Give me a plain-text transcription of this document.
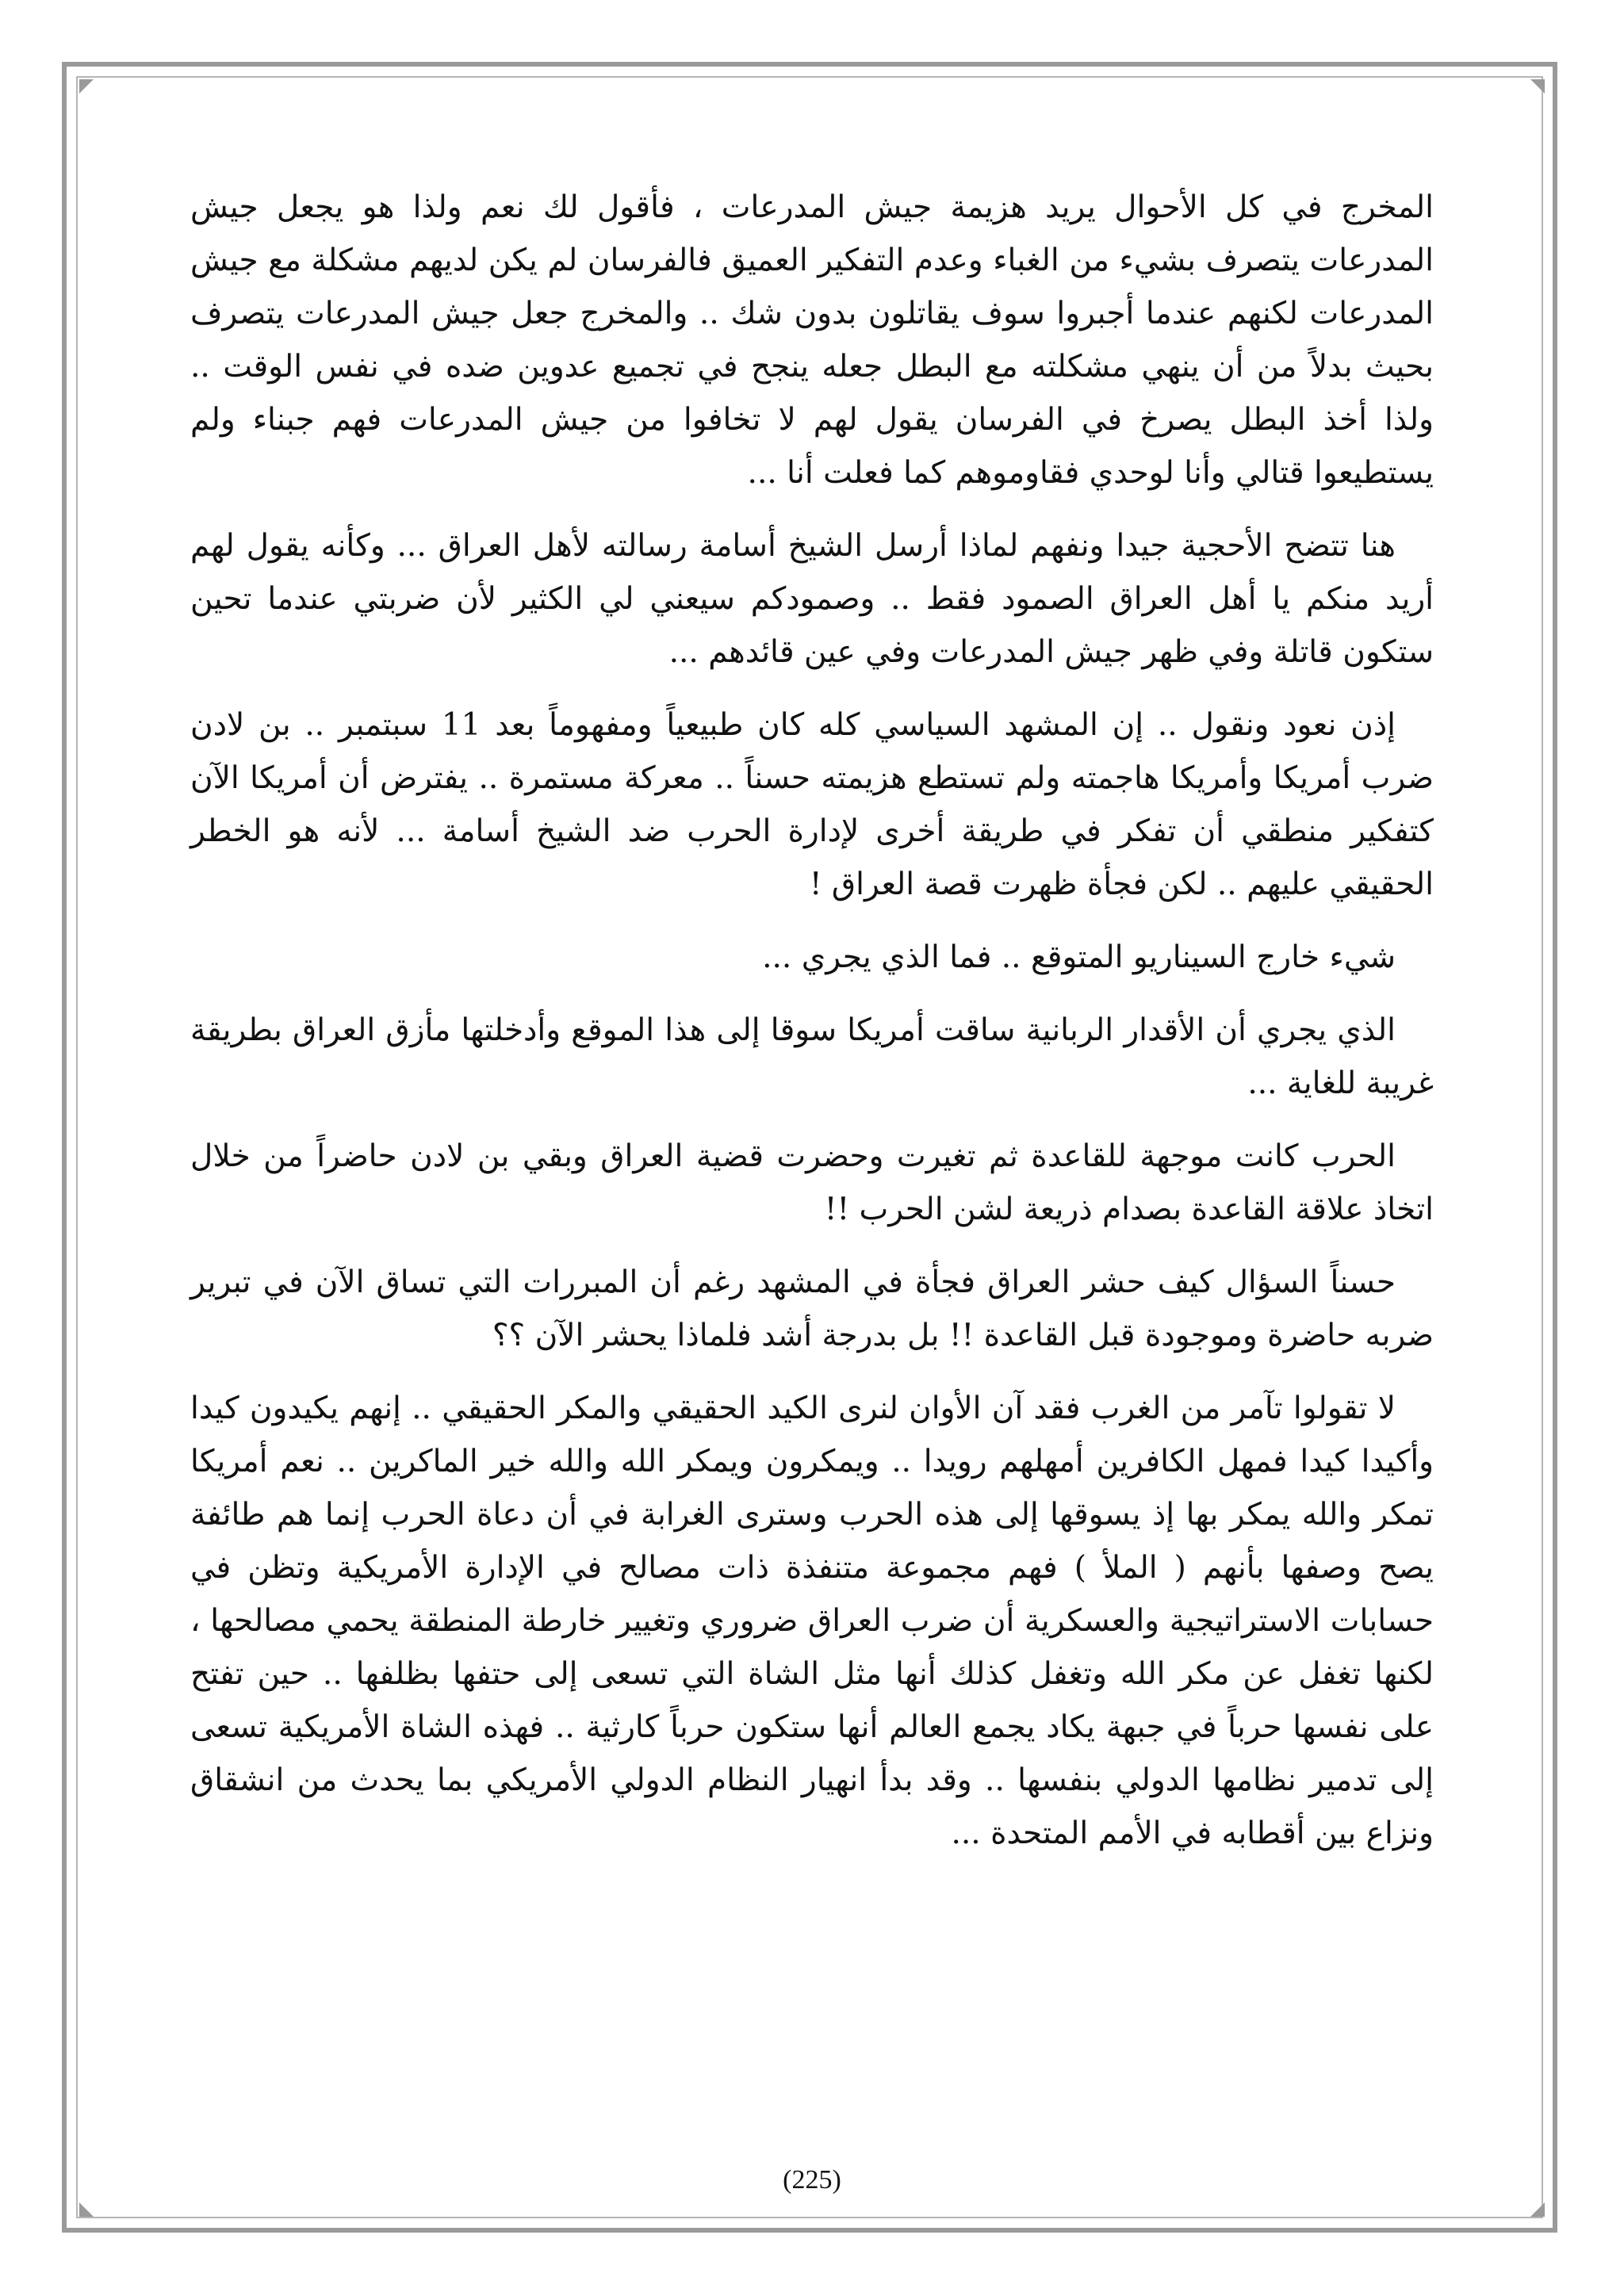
المخرج في كل الأحوال يريد هزيمة جيش المدرعات ، فأقول لك نعم ولذا هو يجعل جيش المدرعات يتصرف بشيء من الغباء وعدم التفكير العميق فالفرسان لم يكن لديهم مشكلة مع جيش المدرعات لكنهم عندما أجبروا سوف يقاتلون بدون شك .. والمخرج جعل جيش المدرعات يتصرف بحيث بدلاً من أن ينهي مشكلته مع البطل جعله ينجح في تجميع عدوين ضده في نفس الوقت .. ولذا أخذ البطل يصرخ في الفرسان يقول لهم لا تخافوا من جيش المدرعات فهم جبناء ولم يستطيعوا قتالي وأنا لوحدي فقاوموهم كما فعلت أنا ...

هنا تتضح الأحجية جيدا ونفهم لماذا أرسل الشيخ أسامة رسالته لأهل العراق ... وكأنه يقول لهم أريد منكم يا أهل العراق الصمود فقط .. وصمودكم سيعني لي الكثير لأن ضربتي عندما تحين ستكون قاتلة وفي ظهر جيش المدرعات وفي عين قائدهم ...

إذن نعود ونقول .. إن المشهد السياسي كله كان طبيعياً ومفهوماً بعد 11 سبتمبر .. بن لادن ضرب أمريكا وأمريكا هاجمته ولم تستطع هزيمته حسناً .. معركة مستمرة .. يفترض أن أمريكا الآن كتفكير منطقي أن تفكر في طريقة أخرى لإدارة الحرب ضد الشيخ أسامة ... لأنه هو الخطر الحقيقي عليهم .. لكن فجأة ظهرت قصة العراق !

شيء خارج السيناريو المتوقع .. فما الذي يجري ...

الذي يجري أن الأقدار الربانية ساقت أمريكا سوقا إلى هذا الموقع وأدخلتها مأزق العراق بطريقة غريبة للغاية ...

الحرب كانت موجهة للقاعدة ثم تغيرت وحضرت قضية العراق وبقي بن لادن حاضراً من خلال اتخاذ علاقة القاعدة بصدام ذريعة لشن الحرب !!

حسناً السؤال كيف حشر العراق فجأة في المشهد رغم أن المبررات التي تساق الآن في تبرير ضربه حاضرة وموجودة قبل القاعدة !! بل بدرجة أشد فلماذا يحشر الآن ؟؟

لا تقولوا تآمر من الغرب فقد آن الأوان لنرى الكيد الحقيقي والمكر الحقيقي .. إنهم يكيدون كيدا وأكيدا كيدا فمهل الكافرين أمهلهم رويدا .. ويمكرون ويمكر الله والله خير الماكرين .. نعم أمريكا تمكر والله يمكر بها إذ يسوقها إلى هذه الحرب وسترى الغرابة في أن دعاة الحرب إنما هم طائفة يصح وصفها بأنهم ( الملأ ) فهم مجموعة متنفذة ذات مصالح في الإدارة الأمريكية وتظن في حسابات الاستراتيجية والعسكرية أن ضرب العراق ضروري وتغيير خارطة المنطقة يحمي مصالحها ، لكنها تغفل عن مكر الله وتغفل كذلك أنها مثل الشاة التي تسعى إلى حتفها بظلفها .. حين تفتح على نفسها حرباً في جبهة يكاد يجمع العالم أنها ستكون حرباً كارثية .. فهذه الشاة الأمريكية تسعى إلى تدمير نظامها الدولي بنفسها .. وقد بدأ انهيار النظام الدولي الأمريكي بما يحدث من انشقاق ونزاع بين أقطابه في الأمم المتحدة ...

(225)
